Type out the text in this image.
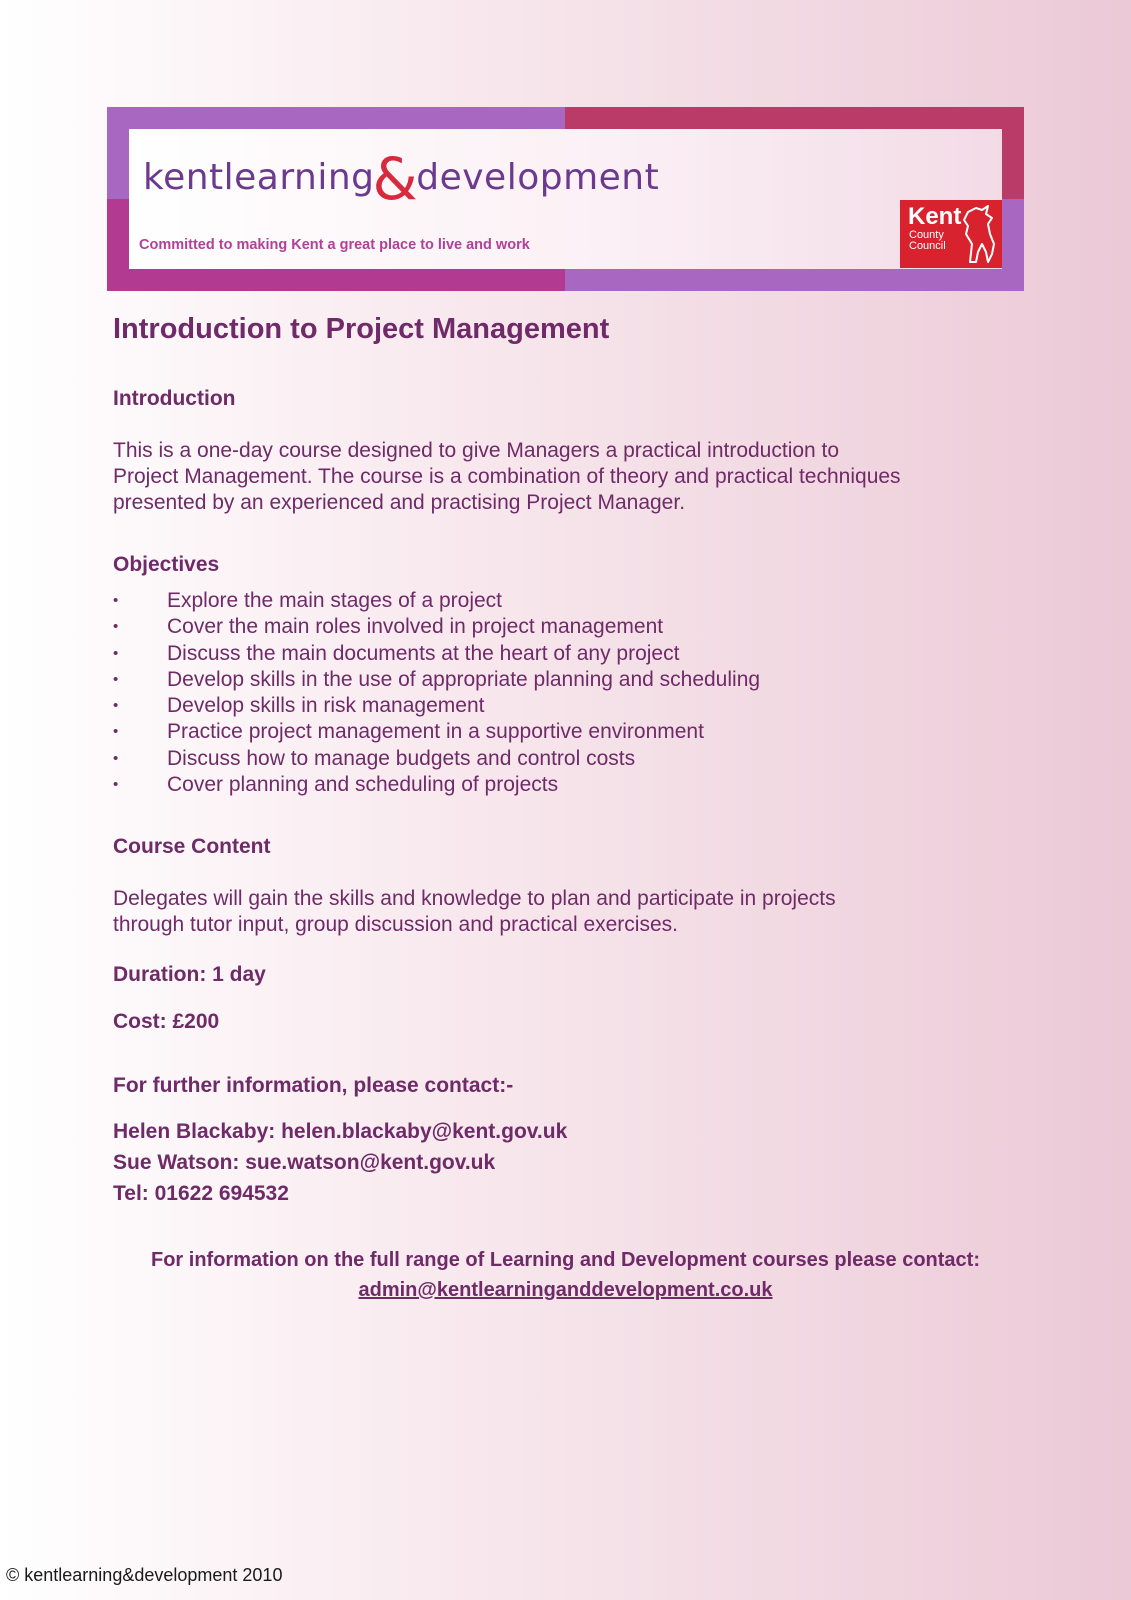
kentlearning&development
Committed to making Kent a great place to live and work
Kent
County
Council
Introduction to Project Management
Introduction
This is a one-day course designed to give Managers a practical introduction to
Project Management. The course is a combination of theory and practical techniques
presented by an experienced and practising Project Manager.
Objectives
• Explore the main stages of a project
• Cover the main roles involved in project management
• Discuss the main documents at the heart of any project
• Develop skills in the use of appropriate planning and scheduling
• Develop skills in risk management
• Practice project management in a supportive environment
• Discuss how to manage budgets and control costs
• Cover planning and scheduling of projects
Course Content
Delegates will gain the skills and knowledge to plan and participate in projects
through tutor input, group discussion and practical exercises.
Duration: 1 day
Cost: £200
For further information, please contact:-
Helen Blackaby: helen.blackaby@kent.gov.uk
Sue Watson: sue.watson@kent.gov.uk
Tel: 01622 694532
For information on the full range of Learning and Development courses please contact:
admin@kentlearninganddevelopment.co.uk
© kentlearning&development 2010
